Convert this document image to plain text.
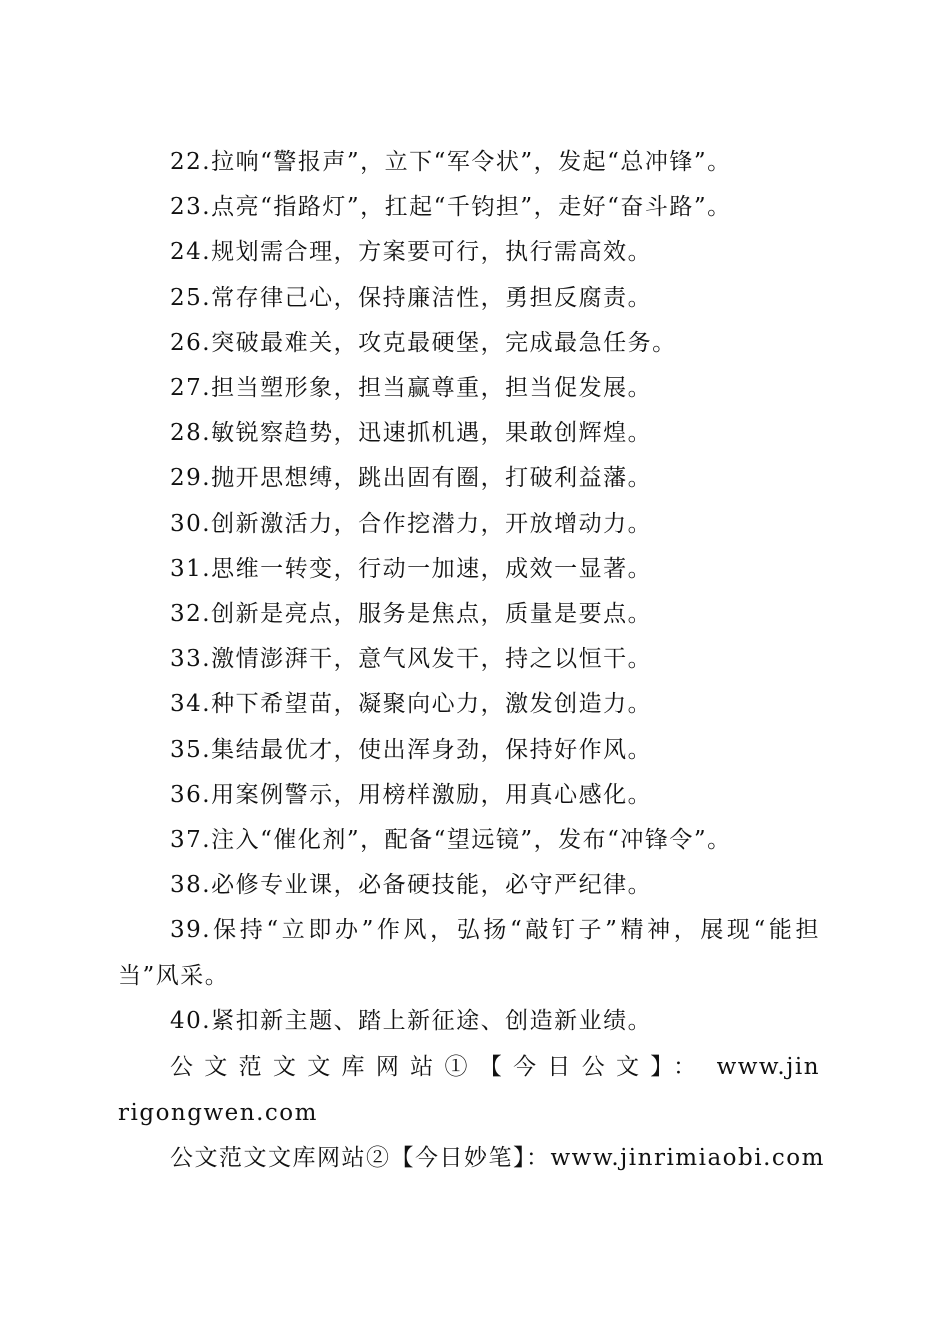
22.拉响“警报声”，立下“军令状”，发起“总冲锋”。

23.点亮“指路灯”，扛起“千钧担”，走好“奋斗路”。

24.规划需合理，方案要可行，执行需高效。

25.常存律己心，保持廉洁性，勇担反腐责。

26.突破最难关，攻克最硬堡，完成最急任务。

27.担当塑形象，担当赢尊重，担当促发展。

28.敏锐察趋势，迅速抓机遇，果敢创辉煌。

29.抛开思想缚，跳出固有圈，打破利益藩。

30.创新激活力，合作挖潜力，开放增动力。

31.思维一转变，行动一加速，成效一显著。

32.创新是亮点，服务是焦点，质量是要点。

33.激情澎湃干，意气风发干，持之以恒干。

34.种下希望苗，凝聚向心力，激发创造力。

35.集结最优才，使出浑身劲，保持好作风。

36.用案例警示，用榜样激励，用真心感化。

37.注入“催化剂”，配备“望远镜”，发布“冲锋令”。

38.必修专业课，必备硬技能，必守严纪律。

39.保持“立即办”作风，弘扬“敲钉子”精神，展现“能担当”风采。

40.紧扣新主题、踏上新征途、创造新业绩。

公文范文文库网站①【今日公文】： www.jinrigongwen.com

公文范文文库网站②【今日妙笔】：www.jinrimiaobi.com
